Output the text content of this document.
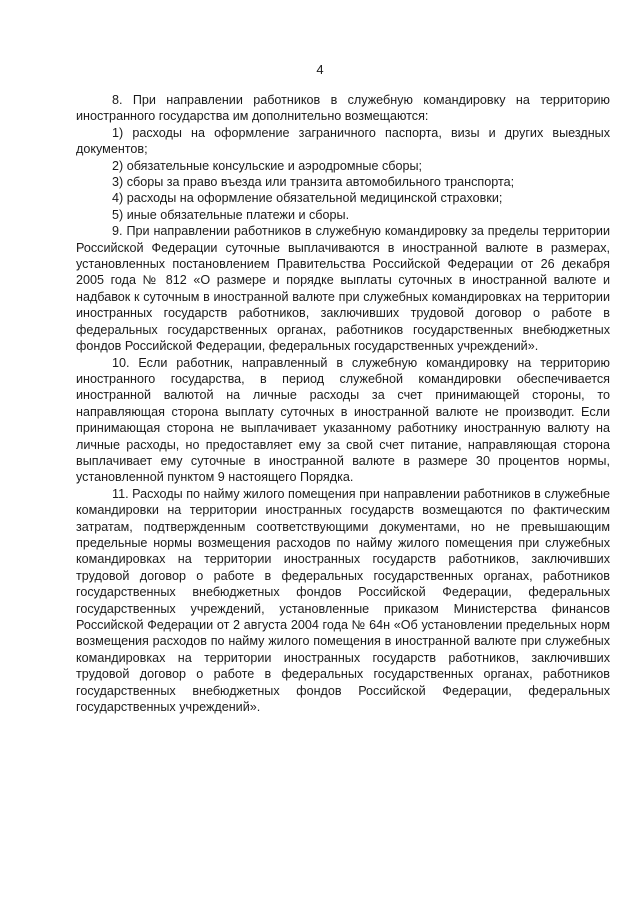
4

8. При направлении работников в служебную командировку на территорию иностранного государства им дополнительно возмещаются:

1) расходы на оформление заграничного паспорта, визы и других выездных документов;

2) обязательные консульские и аэродромные сборы;

3) сборы за право въезда или транзита автомобильного транспорта;

4) расходы на оформление обязательной медицинской страховки;

5) иные обязательные платежи и сборы.

9. При направлении работников в служебную командировку за пределы территории Российской Федерации суточные выплачиваются в иностранной валюте в размерах, установленных постановлением Правительства Российской Федерации от 26 декабря 2005 года № 812 «О размере и порядке выплаты суточных в иностранной валюте и надбавок к суточным в иностранной валюте при служебных командировках на территории иностранных государств работников, заключивших трудовой договор о работе в федеральных государственных органах, работников государственных внебюджетных фондов Российской Федерации, федеральных государственных учреждений».

10. Если работник, направленный в служебную командировку на территорию иностранного государства, в период служебной командировки обеспечивается иностранной валютой на личные расходы за счет принимающей стороны, то направляющая сторона выплату суточных в иностранной валюте не производит. Если принимающая сторона не выплачивает указанному работнику иностранную валюту на личные расходы, но предоставляет ему за свой счет питание, направляющая сторона выплачивает ему суточные в иностранной валюте в размере 30 процентов нормы, установленной пунктом 9 настоящего Порядка.

11. Расходы по найму жилого помещения при направлении работников в служебные командировки на территории иностранных государств возмещаются по фактическим затратам, подтвержденным соответствующими документами, но не превышающим предельные нормы возмещения расходов по найму жилого помещения при служебных командировках на территории иностранных государств работников, заключивших трудовой договор о работе в федеральных государственных органах, работников государственных внебюджетных фондов Российской Федерации, федеральных государственных учреждений, установленные приказом Министерства финансов Российской Федерации от 2 августа 2004 года № 64н «Об установлении предельных норм возмещения расходов по найму жилого помещения в иностранной валюте при служебных командировках на территории иностранных государств работников, заключивших трудовой договор о работе в федеральных государственных органах, работников государственных внебюджетных фондов Российской Федерации, федеральных государственных учреждений».
